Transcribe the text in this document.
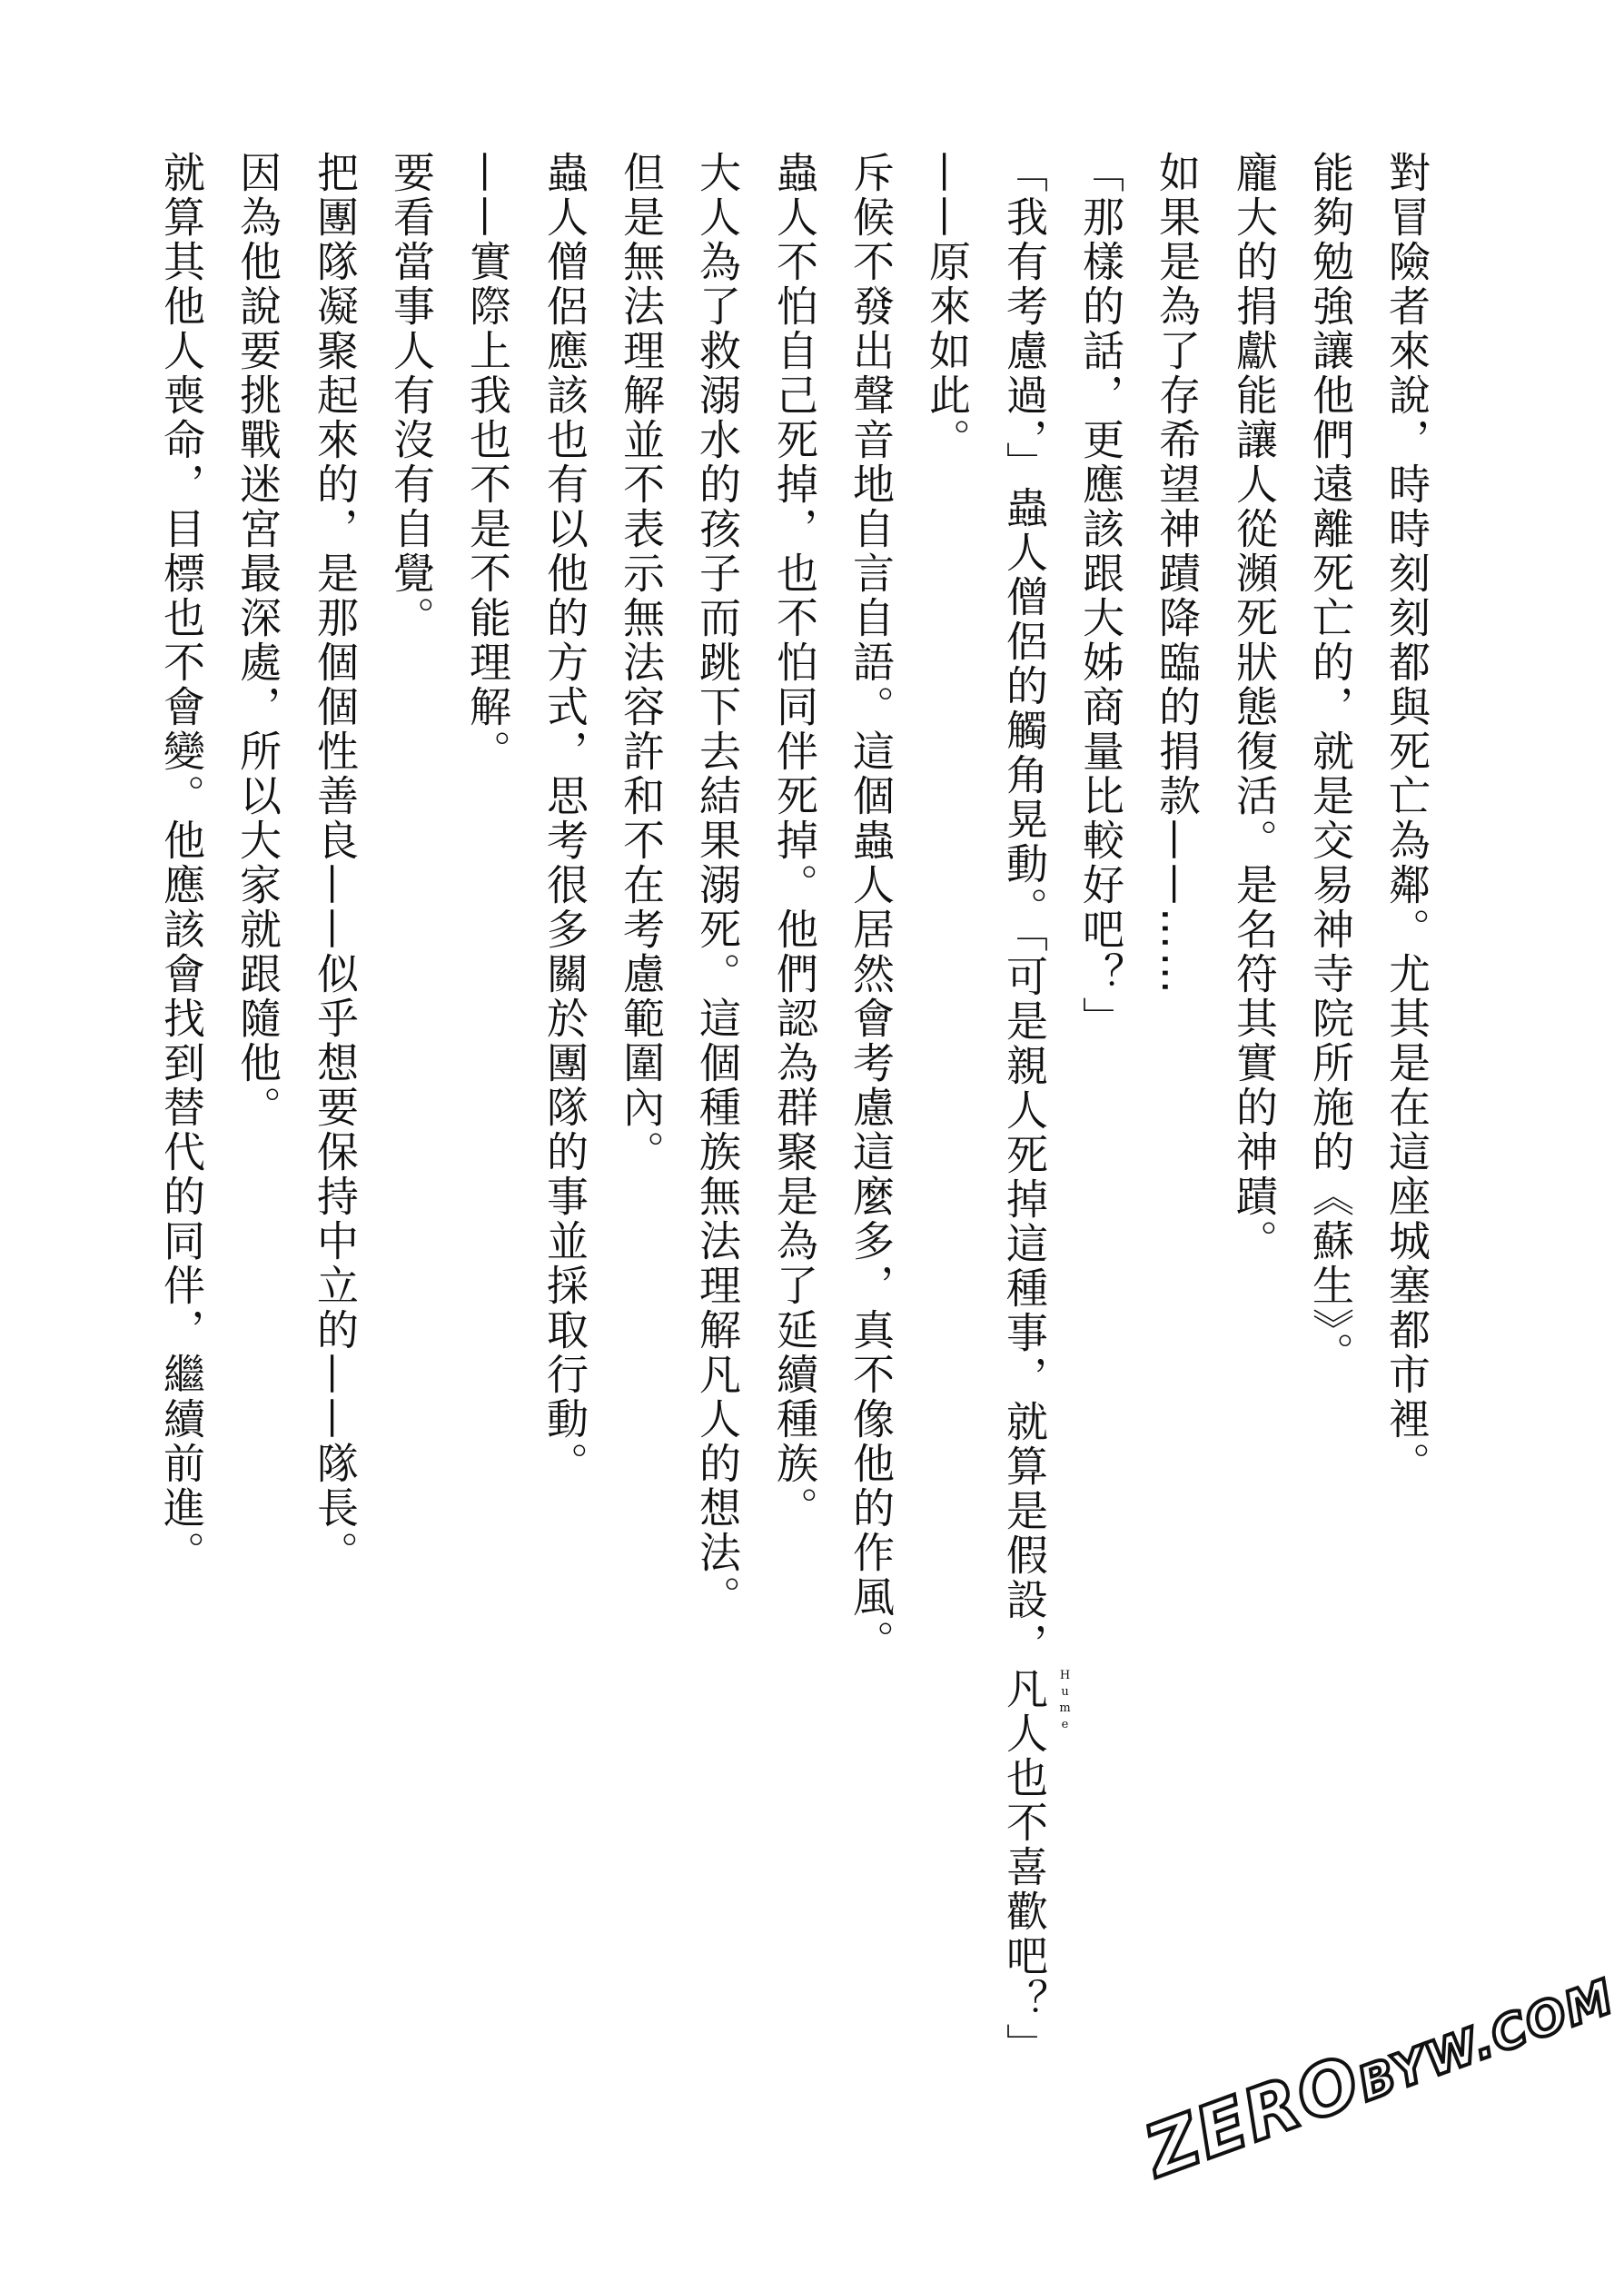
對冒險者來說，時時刻刻都與死亡為鄰。尤其是在這座城塞都市裡。
能夠勉強讓他們遠離死亡的，就是交易神寺院所施的《蘇生》。
龐大的捐獻能讓人從瀕死狀態復活。是名符其實的神蹟。
如果是為了存希望神蹟降臨的捐款——……
「那樣的話，更應該跟大姊商量比較好吧？」
「我有考慮過，」蟲人僧侶的觸角晃動。「可是親人死掉這種事，就算是假設，凡人 Hume
也不喜歡吧？」
——原來如此。
斥候不發出聲音地自言自語。這個蟲人居然會考慮這麼多，真不像他的作風。
蟲人不怕自己死掉，也不怕同伴死掉。他們認為群聚是為了延續種族。
大人為了救溺水的孩子而跳下去結果溺死。這個種族無法理解凡人的想法。
但是無法理解並不表示無法容許和不在考慮範圍內。
蟲人僧侶應該也有以他的方式，思考很多關於團隊的事並採取行動。
——實際上我也不是不能理解。
要看當事人有沒有自覺。
把團隊凝聚起來的，是那個個性善良——似乎想要保持中立的——隊長。
因為他說要挑戰迷宮最深處，所以大家就跟隨他。
就算其他人喪命，目標也不會變。他應該會找到替代的同伴，繼續前進。
ZEROBYW.COM
